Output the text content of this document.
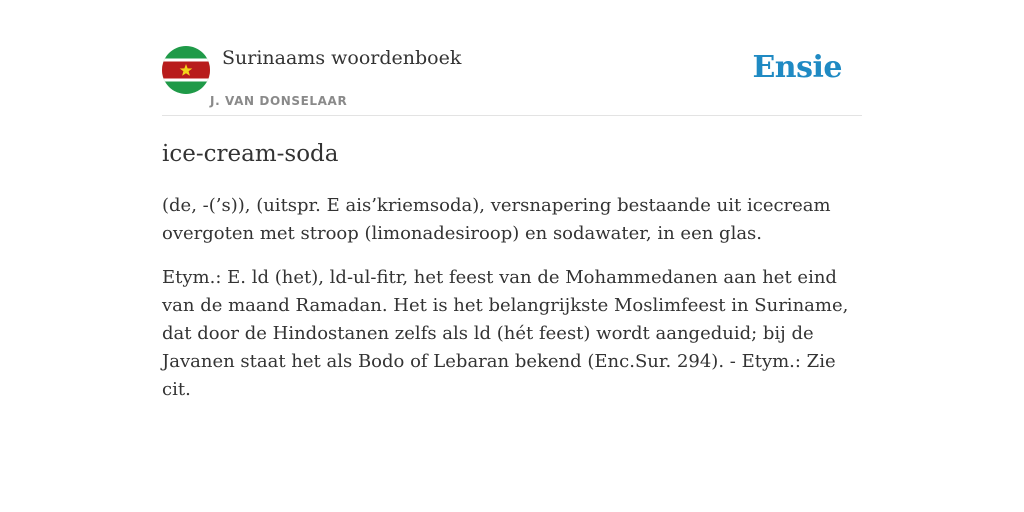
Surinaams woordenboek
J. VAN DONSELAAR
Ensie
ice-cream-soda

(de, -(’s)), (uitspr. E ais’kriemsoda), versnapering bestaande uit icecream overgoten met stroop (limonadesiroop) en sodawater, in een glas.

Etym.: E. ld (het), ld-ul-fitr, het feest van de Mohammedanen aan het eind van de maand Ramadan. Het is het belangrijkste Moslimfeest in Suriname, dat door de Hindostanen zelfs als ld (hét feest) wordt aangeduid; bij de Javanen staat het als Bodo of Lebaran bekend (Enc.Sur. 294). - Etym.: Zie cit.
